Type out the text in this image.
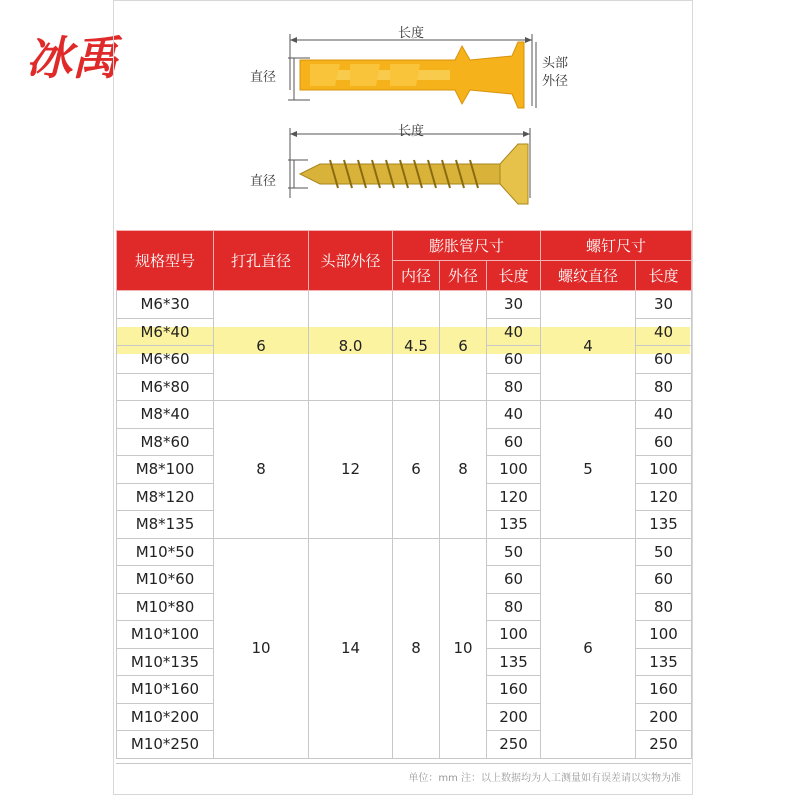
冰禹	长度
直径
头部
外径
长度
直径
规格型号	打孔直径	头部外径	膨胀管尺寸			螺钉尺寸	
			内径	外径	长度	螺纹直径	长度
M6*30	6	8.0	4.5	6	30	4	30
M6*40					40		40
M6*60					60		60
M6*80					80		80
M8*40	8	12	6	8	40	5	40
M8*60					60		60
M8*100					100		100
M8*120					120		120
M8*135					135		135
M10*50	10	14	8	10	50	6	50
M10*60					60		60
M10*80					80		80
M10*100					100		100
M10*135					135		135
M10*160					160		160
M10*200					200		200
M10*250					250		250
单位：mm 注：以上数据均为人工测量如有误差请以实物为准
